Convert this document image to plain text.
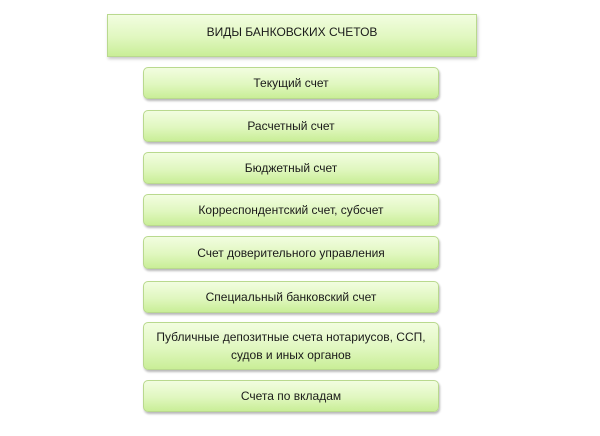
ВИДЫ БАНКОВСКИХ СЧЕТОВ
Текущий счет
Расчетный счет
Бюджетный счет
Корреспондентский счет, субсчет
Счет доверительного управления
Специальный банковский счет
Публичные депозитные счета нотариусов, ССП, судов и иных органов
Счета по вкладам
